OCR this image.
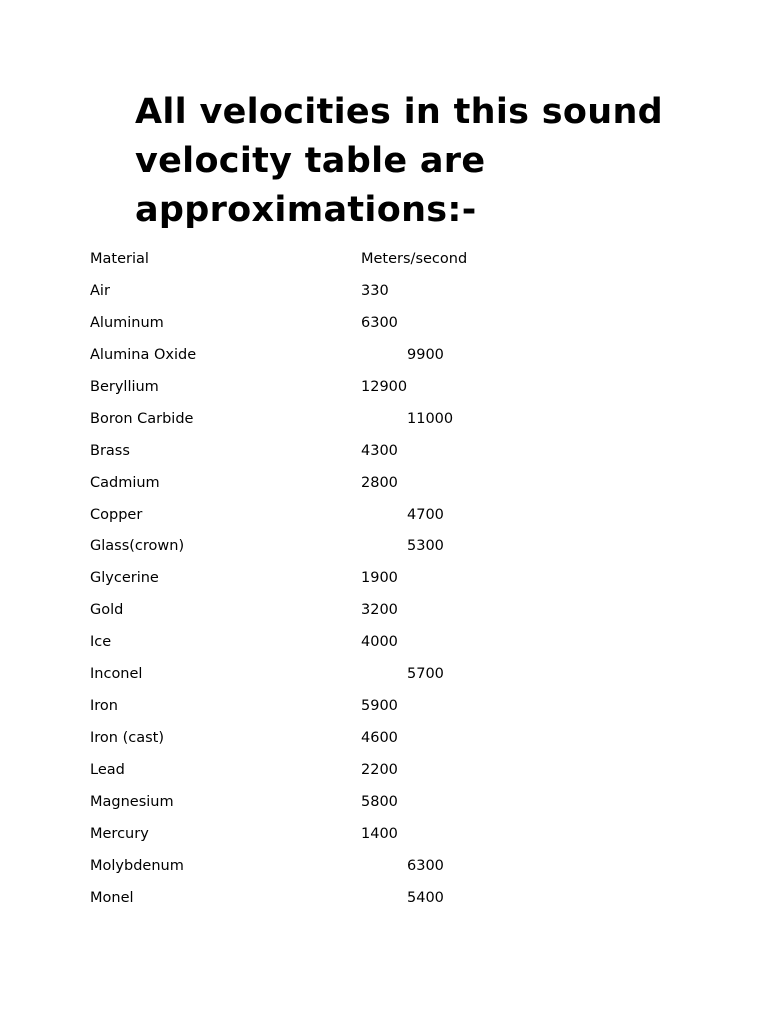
All velocities in this sound velocity table are approximations:-
Material	Meters/second
Air	330
Aluminum	6300
Alumina Oxide	9900
Beryllium	12900
Boron Carbide	11000
Brass	4300
Cadmium	2800
Copper	4700
Glass(crown)	5300
Glycerine	1900
Gold	3200
Ice	4000
Inconel	5700
Iron	5900
Iron (cast)	4600
Lead	2200
Magnesium	5800
Mercury	1400
Molybdenum	6300
Monel	5400
